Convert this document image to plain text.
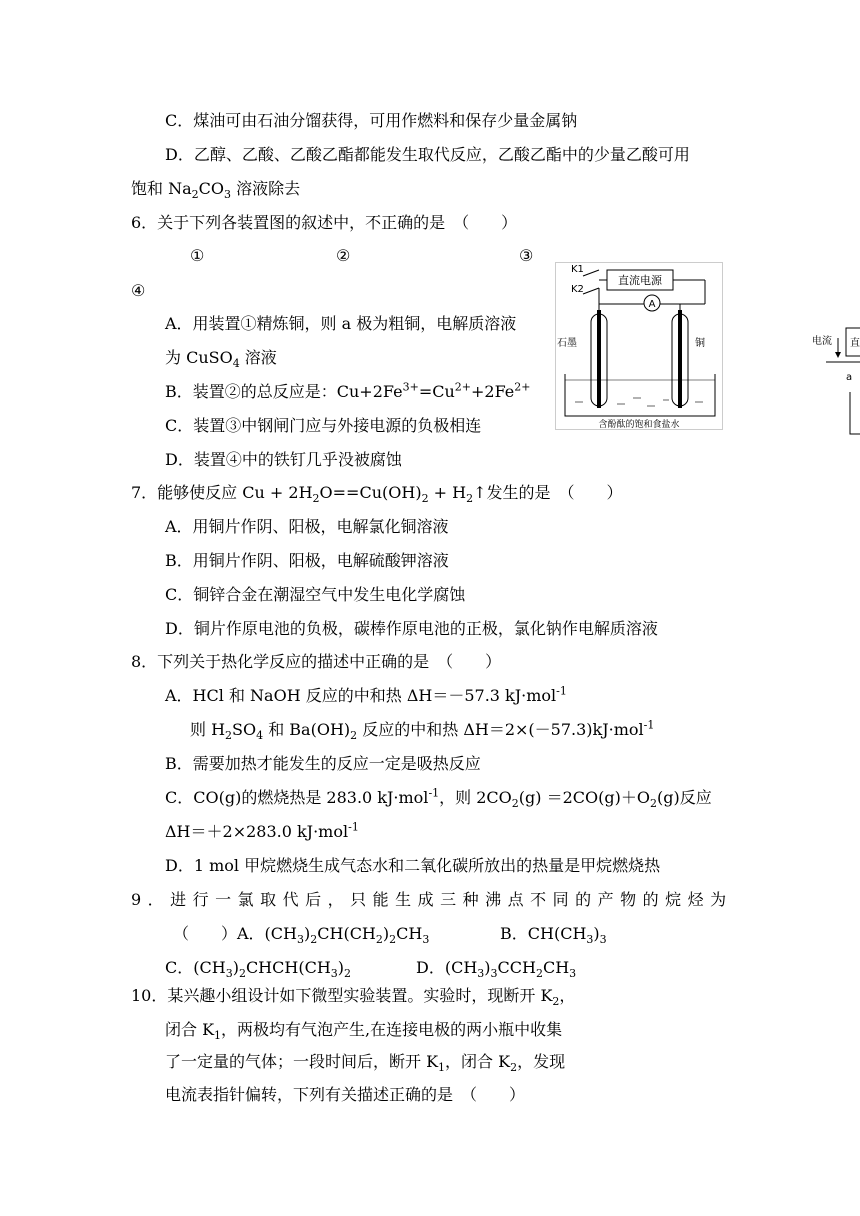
C．煤油可由石油分馏获得，可用作燃料和保存少量金属钠
D．乙醇、乙酸、乙酸乙酯都能发生取代反应，乙酸乙酯中的少量乙酸可用
饱和 $Na_2CO_3$ 溶液除去
6．关于下列各装置图的叙述中，不正确的是　（　　）
①	②	③
④
A．用装置①精炼铜，则 a 极为粗铜，电解质溶液
为 CuSO$_4$ 溶液
B．装置②的总反应是：$Cu+2Fe^{3+}=Cu^{2+}+2Fe^{2+}$
C．装置③中钢闸门应与外接电源的负极相连
D．装置④中的铁钉几乎没被腐蚀
K1
K2
直流电源
A
石墨	铜
含酚酞的饱和食盐水
电流 直
a
7．能够使反应 $Cu + 2H_2O==Cu(OH)_2$ + $H_2↑$发生的是　（　　）
A．用铜片作阴、阳极，电解氯化铜溶液
B．用铜片作阴、阳极，电解硫酸钾溶液
C．铜锌合金在潮湿空气中发生电化学腐蚀
D．铜片作原电池的负极，碳棒作原电池的正极，氯化钠作电解质溶液
8．下列关于热化学反应的描述中正确的是　（　　）
A．HCl 和 NaOH 反应的中和热 ΔH＝－57.3 kJ·mol$^{-1}$
则 $H_2SO_4$ 和 $Ba(OH)_2$ 反应的中和热 ΔH＝2×(－57.3)kJ·mol$^{-1}$
B．需要加热才能发生的反应一定是吸热反应
C．CO(g)的燃烧热是 283.0 kJ·mol$^{-1}$，则 $2CO_2(g) =2CO(g)+O_2(g)$反应
ΔH＝＋2×283.0 kJ·mol$^{-1}$
D．1 mol 甲烷燃烧生成气态水和二氧化碳所放出的热量是甲烷燃烧热
9．进行一氯取代后，只能生成三种沸点不同的产物的烷烃为
（　　）A．$(CH_3)_2CH(CH_2)_2CH_3$	B．$CH(CH_3)_3$
C．$(CH_3)_2CHCH(CH_3)_2$	D．$(CH_3)_3CCH_2CH_3$
10．某兴趣小组设计如下微型实验装置。实验时，现断开 $K_2$，
闭合 $K_1$，两极均有气泡产生,在连接电极的两小瓶中收集
了一定量的气体；一段时间后，断开 $K_1$，闭合 $K_2$，发现
电流表指针偏转，下列有关描述正确的是　（　　）
